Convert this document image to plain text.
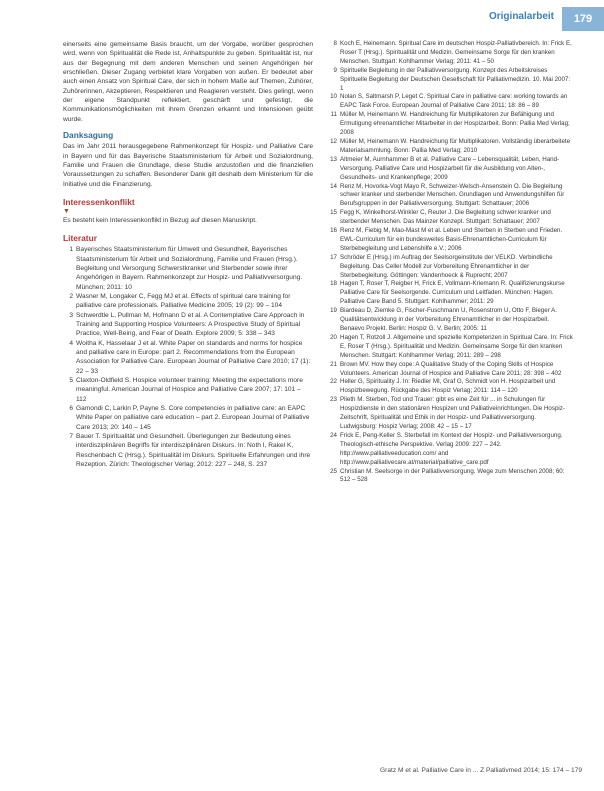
Originalarbeit	179

einerseits eine gemeinsame Basis braucht, um der Vorgabe, worüber gesprochen wird, wenn von Spiritualität die Rede ist, Anhaltspunkte zu geben. Spiritualität ist, nur aus der Begegnung mit dem anderen Menschen und seinen Angehörigen her erschließen. Dieser Zugang verbietet klare Vorgaben von außen. Er bedeutet aber auch einen Ansatz von Spiritual Care, der sich in hohem Maße auf Themen, Zuhörer, Zuhörerinnen, Akzeptieren, Respektieren und Reagieren versteht. Dies gelingt, wenn der eigene Standpunkt reflektiert, geschärft und gefestigt, die Kommunikationsmöglichkeiten mit ihrem Grenzen erkannt und Intensionen geübt wurde.

Danksagung

Das im Jahr 2011 herausgegebene Rahmenkonzept für Hospiz- und Palliative Care in Bayern und für das Bayerische Staatsministerium für Arbeit und Sozialordnung, Familie und Frauen die Grundlage, diese Studie anzustoßen und die finanziellen Voraussetzungen zu schaffen. Besonderer Dank gilt deshalb dem Ministerium für die Initiative und die Finanzierung.

Interessenkonflikt
▼

Es besteht kein Interessenkonflikt in Bezug auf diesen Manuskript.

Literatur

1 Bayerisches Staatsministerium für Umwelt und Gesundheit, Bayerisches Staatsministerium für Arbeit und Sozialordnung, Familie und Frauen (Hrsg.). Begleitung und Versorgung Schwerstkranker und Sterbender sowie ihrer Angehörigen in Bayern. Rahmenkonzept zur Hospiz- und Palliativversorgung. München; 2011: 10

2 Wasner M, Longaker C, Fegg MJ et al. Effects of spiritual care training for palliative care professionals. Palliative Medicine 2005; 19 (2): 99 – 104

3 Schwerdtle L, Pullman M, Hofmann D et al. A Contemplative Care Approach in Training and Supporting Hospice Volunteers: A Prospective Study of Spiritual Practice, Well-Being, and Fear of Death. Explore 2009; 5: 338 – 343

4 Woitha K, Hasselaar J et al. White Paper on standards and norms for hospice and palliative care in Europe: part 2. Recommendations from the European Association for Palliative Care. European Journal of Palliative Care 2010; 17 (1): 22 – 33

5 Claxton-Oldfield S. Hospice volunteer training: Meeting the expectations more meaningful. American Journal of Hospice and Palliative Care 2007; 17: 101 – 112

6 Gamondi C, Larkin P, Payne S. Core competencies in palliative care: an EAPC White Paper on palliative care education – part 2. European Journal of Palliative Care 2013; 20: 140 – 145

7 Bauer T. Spiritualität und Gesundheit. Überlegungen zur Bedeutung eines interdisziplinären Begriffs für interdisziplinären Diskurs. In: Noth I, Rakel K, Reschenbach C (Hrsg.). Spiritualität im Diskurs. Spirituelle Erfahrungen und ihre Rezeption. Zürich: Theologischer Verlag; 2012: 227 – 248, S. 237

8 Koch E, Heinemann. Spiritual Care im deutschen Hospiz-Palliativbereich. In: Frick E, Roser T (Hrsg.). Spiritualität und Medizin. Gemeinsame Sorge für den kranken Menschen. Stuttgart: Kohlhammer Verlag; 2011: 41 – 50

9 Spirituelle Begleitung in der Palliativversorgung. Konzept des Arbeitskreises Spirituelle Begleitung der Deutschen Gesellschaft für Palliativmedizin. 10. Mai 2007: 1

10 Nolan S, Saltmarsh P, Leget C. Spiritual Care in palliative care: working towards an EAPC Task Force. European Journal of Palliative Care 2011; 18: 86 – 89

11 Müller M, Heinemann W. Handreichung für Multiplikatoren zur Befähigung und Ermutigung ehrenamtlicher Mitarbeiter in der Hospizarbeit. Bonn: Pallia Med Verlag; 2008

12 Müller M, Heinemann W. Handreichung für Multiplikatoren. Vollständig überarbeitete Materialsammlung. Bonn: Pallia Med Verlag; 2010

13 Altmeier M, Aurnhammer B et al. Palliative Care – Lebensqualität, Leben, Hand-Versorgung. Palliative Care und Hospizarbeit für die Ausbildung von Alten-, Gesundheits- und Krankenpflege; 2009

14 Renz M, Hovorka-Vogt Mayo R, Schweizer-Welsch-Ansenstein O. Die Begleitung schwer kranker und sterbender Menschen. Grundlagen und Anwendungshilfen für Berufsgruppen in der Palliativversorgung. Stuttgart: Schattauer; 2006

15 Fegg K, Winkelhorst-Winkler C, Reuter J. Die Begleitung schwer kranker und sterbender Menschen. Das Mainzer Konzept. Stuttgart: Schattauer; 2007

16 Renz M, Fiebig M, Mao-Mast M et al. Leben und Sterben in Sterben und Frieden. EWL-Curriculum für ein bundesweites Basis-Ehrenamtlichen-Curriculum für Sterbebegleitung und Lebenshilfe e.V.; 2006

17 Schröder E (Hrsg.) im Auftrag der Seelsorgeinstitute der VELKD. Verbindliche Begleitung. Das Celler Modell zur Vorbereitung Ehrenamtlicher in der Sterbebegleitung. Göttingen: Vandenhoeck & Ruprecht; 2007

18 Hagen T, Roser T, Reigber H, Frick E, Vollmann-Kriemann R. Qualifizierungskurse Palliative Care für Seelsorgende. Curriculum und Leitfaden. München: Hagen. Palliative Care Band 5. Stuttgart: Kohlhammer; 2011: 29

19 Biardeau D, Ziemke G, Fischer-Fuschmann U, Rosenstrom U, Otto F, Bieger A. Qualitätsentwicklung in der Vorbereitung Ehrenamtlicher in der Hospizarbeit. Benaevo Projekt. Berlin: Hospiz G. V. Berlin; 2005: 11

20 Hagen T, Rotzoll J. Allgemeine und spezielle Kompetenzen in Spiritual Care. In: Frick E, Roser T (Hrsg.). Spiritualität und Medizin. Gemeinsame Sorge für den kranken Menschen. Stuttgart: Kohlhammer Verlag; 2011: 289 – 298

21 Brown MV. How they cope: A Qualitative Study of the Coping Skills of Hospice Volunteers. American Journal of Hospice and Palliative Care 2011; 28: 398 – 402

22 Heller G, Spirituality J. In: Riedler MI, Graf G, Schmidt von H. Hospizarbeit und Hospizbewegung. Rückgabe des Hospiz Verlag; 2011: 114 – 120

23 Plieth M. Sterben, Tod und Trauer: gibt es eine Zeit für ... in Schulungen für Hospizdienste in den stationären Hospizen und Palliativeinrichtungen. Die Hospiz-Zeitschrift, Spiritualität und Ethik in der Hospiz- und Palliativversorgung. Ludwigsburg: Hospiz Verlag; 2008: 42 – 15 – 17

24 Frick E, Peng-Keller S. Sterbefall im Kontext der Hospiz- und Palliativversorgung. Theologisch-ethische Perspektive. Verlag 2009: 227 – 242. http://www.palliativeeducation.com/ and http://www.palliativecare.at/material/palliative_care.pdf

25 Christian M. Seelsorge in der Palliativversorgung. Wege zum Menschen 2008; 60: 512 – 528

Gratz M et al. Palliative Care in ... Z Palliativmed 2014; 15: 174 – 179
